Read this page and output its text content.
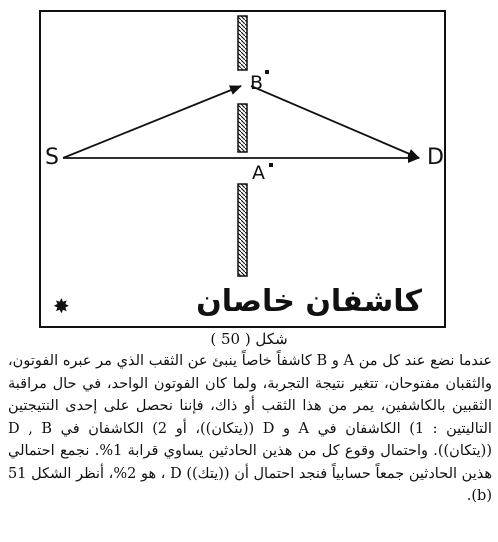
S	D
B
A
كاشفان خاصان
✸
شكل ( 50 )

عندما نضع عند كل من A و B كاشفاً خاصاً ينبئ عن الثقب الذي مر عبره الفوتون، والثقبان مفتوحان، تتغير نتيجة التجربة، ولما كان الفوتون الواحد، في حال مراقبة الثقبين بالكاشفين، يمر من هذا الثقب أو ذاك، فإننا نحصل على إحدى النتيجتين التاليتين : 1) الكاشفان في A و D ((يتكان))، أو 2) الكاشفان في D , B ((يتكان)). واحتمال وقوع كل من هذين الحادثين يساوي قرابة 1%. نجمع احتمالي هذين الحادثين جمعاً حسابياً فنجد احتمال أن ((يتك)) D ، هو 2%، أنظر الشكل 51 (b).
